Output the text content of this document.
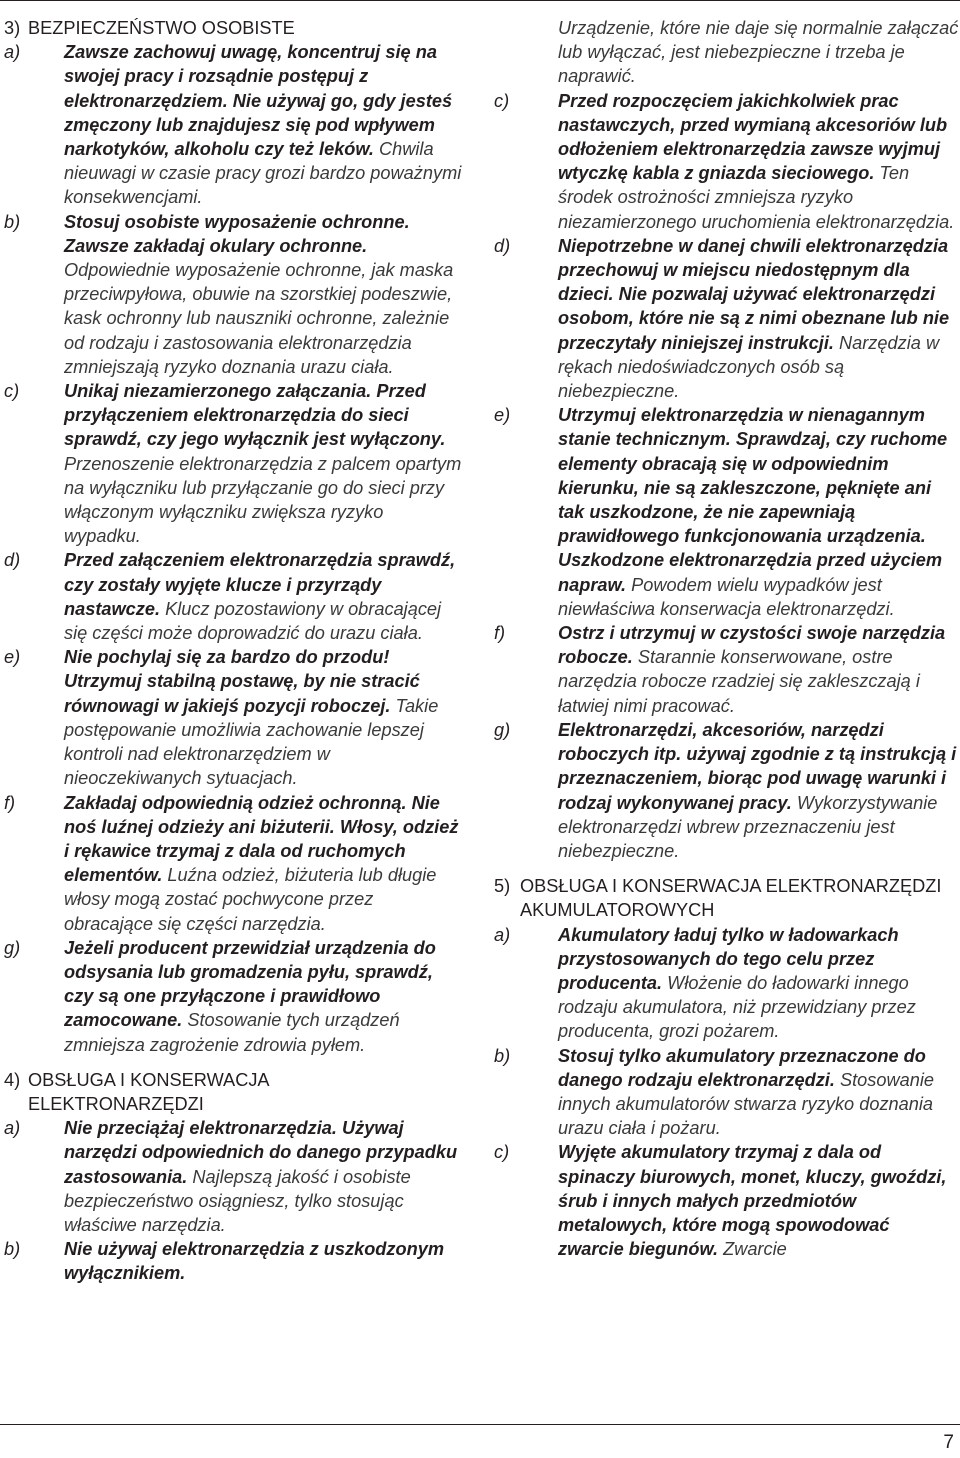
3) BEZPIECZEŃSTWO OSOBISTE
a)	Zawsze zachowuj uwagę, koncentruj się na swojej pracy i rozsądnie postępuj z elektronarzędziem. Nie używaj go, gdy jesteś zmęczony lub znajdujesz się pod wpływem narkotyków, alkoholu czy też leków. Chwila nieuwagi w czasie pracy grozi bardzo poważnymi konsekwencjami.
b)	Stosuj osobiste wyposażenie ochronne. Zawsze zakładaj okulary ochronne. Odpowiednie wyposażenie ochronne, jak maska przeciwpyłowa, obuwie na szorstkiej podeszwie, kask ochronny lub nauszniki ochronne, zależnie od rodzaju i zastosowania elektronarzędzia zmniejszają ryzyko doznania urazu ciała.
c)	Unikaj niezamierzonego załączania. Przed przyłączeniem elektronarzędzia do sieci sprawdź, czy jego wyłącznik jest wyłączony. Przenoszenie elektronarzędzia z palcem opartym na wyłączniku lub przyłączanie go do sieci przy włączonym wyłączniku zwiększa ryzyko wypadku.
d)	Przed załączeniem elektronarzędzia sprawdź, czy zostały wyjęte klucze i przyrządy nastawcze. Klucz pozostawiony w obracającej się części może doprowadzić do urazu ciała.
e)	Nie pochylaj się za bardzo do przodu! Utrzymuj stabilną postawę, by nie stracić równowagi w jakiejś pozycji roboczej. Takie postępowanie umożliwia zachowanie lepszej kontroli nad elektronarzędziem w nieoczekiwanych sytuacjach.
f)	Zakładaj odpowiednią odzież ochronną. Nie noś luźnej odzieży ani biżuterii. Włosy, odzież i rękawice trzymaj z dala od ruchomych elementów. Luźna odzież, biżuteria lub długie włosy mogą zostać pochwycone przez obracające się części narzędzia.
g)	Jeżeli producent przewidział urządzenia do odsysania lub gromadzenia pyłu, sprawdź, czy są one przyłączone i prawidłowo zamocowane. Stosowanie tych urządzeń zmniejsza zagrożenie zdrowia pyłem.
4) OBSŁUGA I KONSERWACJA ELEKTRONARZĘDZI
a)	Nie przeciążaj elektronarzędzia. Używaj narzędzi odpowiednich do danego przypadku zastosowania. Najlepszą jakość i osobiste bezpieczeństwo osiągniesz, tylko stosując właściwe narzędzia.
b)	Nie używaj elektronarzędzia z uszkodzonym wyłącznikiem.
Urządzenie, które nie daje się normalnie załączać lub wyłączać, jest niebezpieczne i trzeba je naprawić.
c)	Przed rozpoczęciem jakichkolwiek prac nastawczych, przed wymianą akcesoriów lub odłożeniem elektronarzędzia zawsze wyjmuj wtyczkę kabla z gniazda sieciowego. Ten środek ostrożności zmniejsza ryzyko niezamierzonego uruchomienia elektronarzędzia.
d)	Niepotrzebne w danej chwili elektronarzędzia przechowuj w miejscu niedostępnym dla dzieci. Nie pozwalaj używać elektronarzędzi osobom, które nie są z nimi obeznane lub nie przeczytały niniejszej instrukcji. Narzędzia w rękach niedoświadczonych osób są niebezpieczne.
e)	Utrzymuj elektronarzędzia w nienagannym stanie technicznym. Sprawdzaj, czy ruchome elementy obracają się w odpowiednim kierunku, nie są zakleszczone, pęknięte ani tak uszkodzone, że nie zapewniają prawidłowego funkcjonowania urządzenia. Uszkodzone elektronarzędzia przed użyciem napraw. Powodem wielu wypadków jest niewłaściwa konserwacja elektronarzędzi.
f)	Ostrz i utrzymuj w czystości swoje narzędzia robocze. Starannie konserwowane, ostre narzędzia robocze rzadziej się zakleszczają i łatwiej nimi pracować.
g)	Elektronarzędzi, akcesoriów, narzędzi roboczych itp. używaj zgodnie z tą instrukcją i przeznaczeniem, biorąc pod uwagę warunki i rodzaj wykonywanej pracy. Wykorzystywanie elektronarzędzi wbrew przeznaczeniu jest niebezpieczne.
5) OBSŁUGA I KONSERWACJA ELEKTRONARZĘDZI AKUMULATOROWYCH
a)	Akumulatory ładuj tylko w ładowarkach przystosowanych do tego celu przez producenta. Włożenie do ładowarki innego rodzaju akumulatora, niż przewidziany przez producenta, grozi pożarem.
b)	Stosuj tylko akumulatory przeznaczone do danego rodzaju elektronarzędzi. Stosowanie innych akumulatorów stwarza ryzyko doznania urazu ciała i pożaru.
c)	Wyjęte akumulatory trzymaj z dala od spinaczy biurowych, monet, kluczy, gwoździ, śrub i innych małych przedmiotów metalowych, które mogą spowodować zwarcie biegunów. Zwarcie
7
